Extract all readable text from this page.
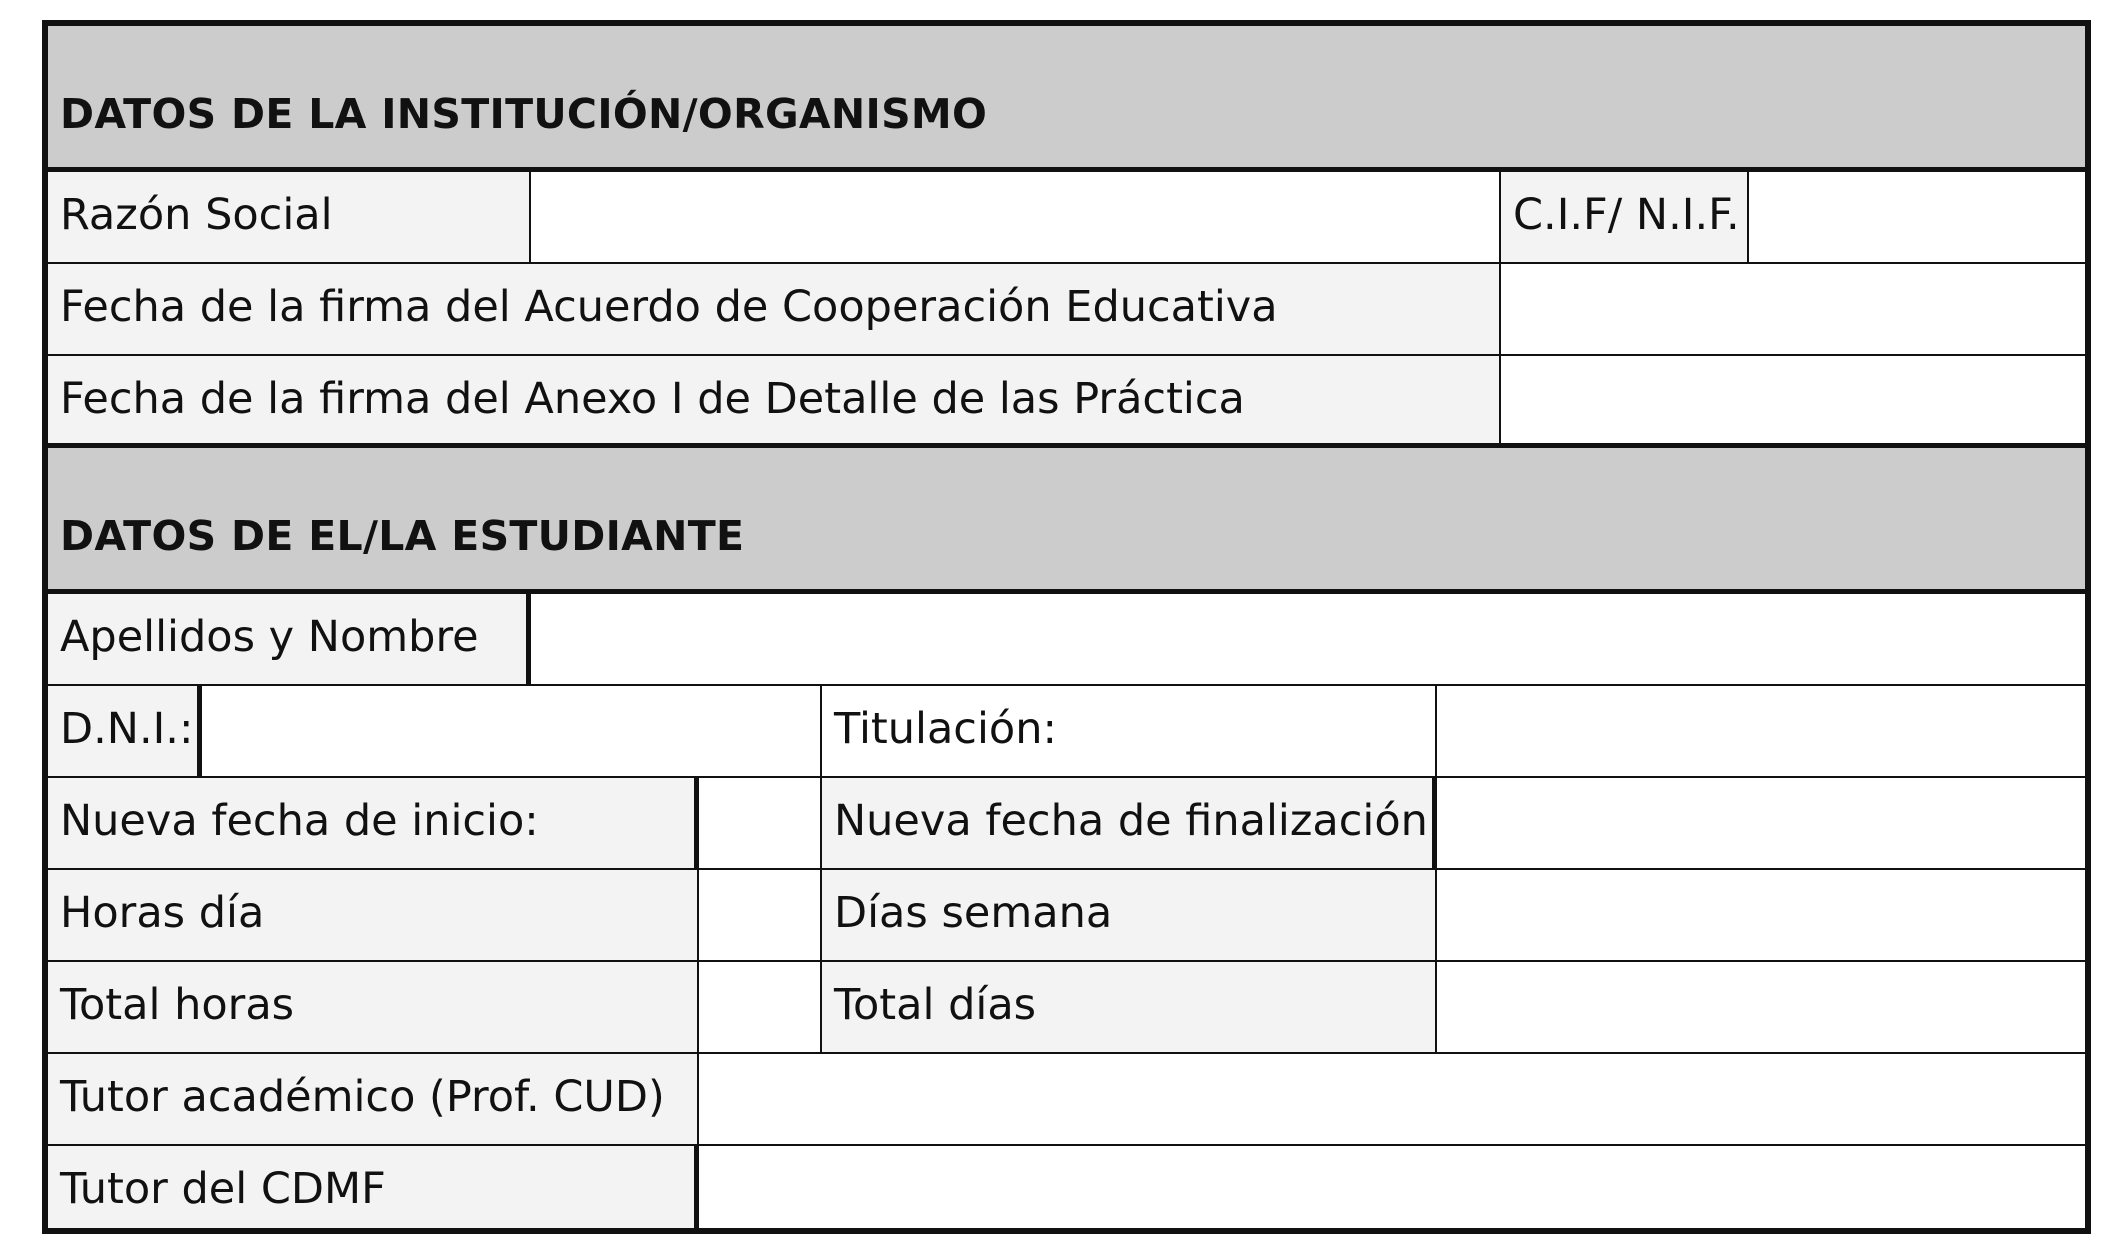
DATOS DE LA INSTITUCIÓN/ORGANISMO
Razón Social	C.I.F/ N.I.F.
Fecha de la firma del Acuerdo de Cooperación Educativa
Fecha de la firma del Anexo I de Detalle de las Práctica
DATOS DE EL/LA ESTUDIANTE
Apellidos y Nombre
D.N.I.:	Titulación:
Nueva fecha de inicio:	Nueva fecha de finalización
Horas día	Días semana
Total horas	Total días
Tutor académico (Prof. CUD)
Tutor del CDMF
